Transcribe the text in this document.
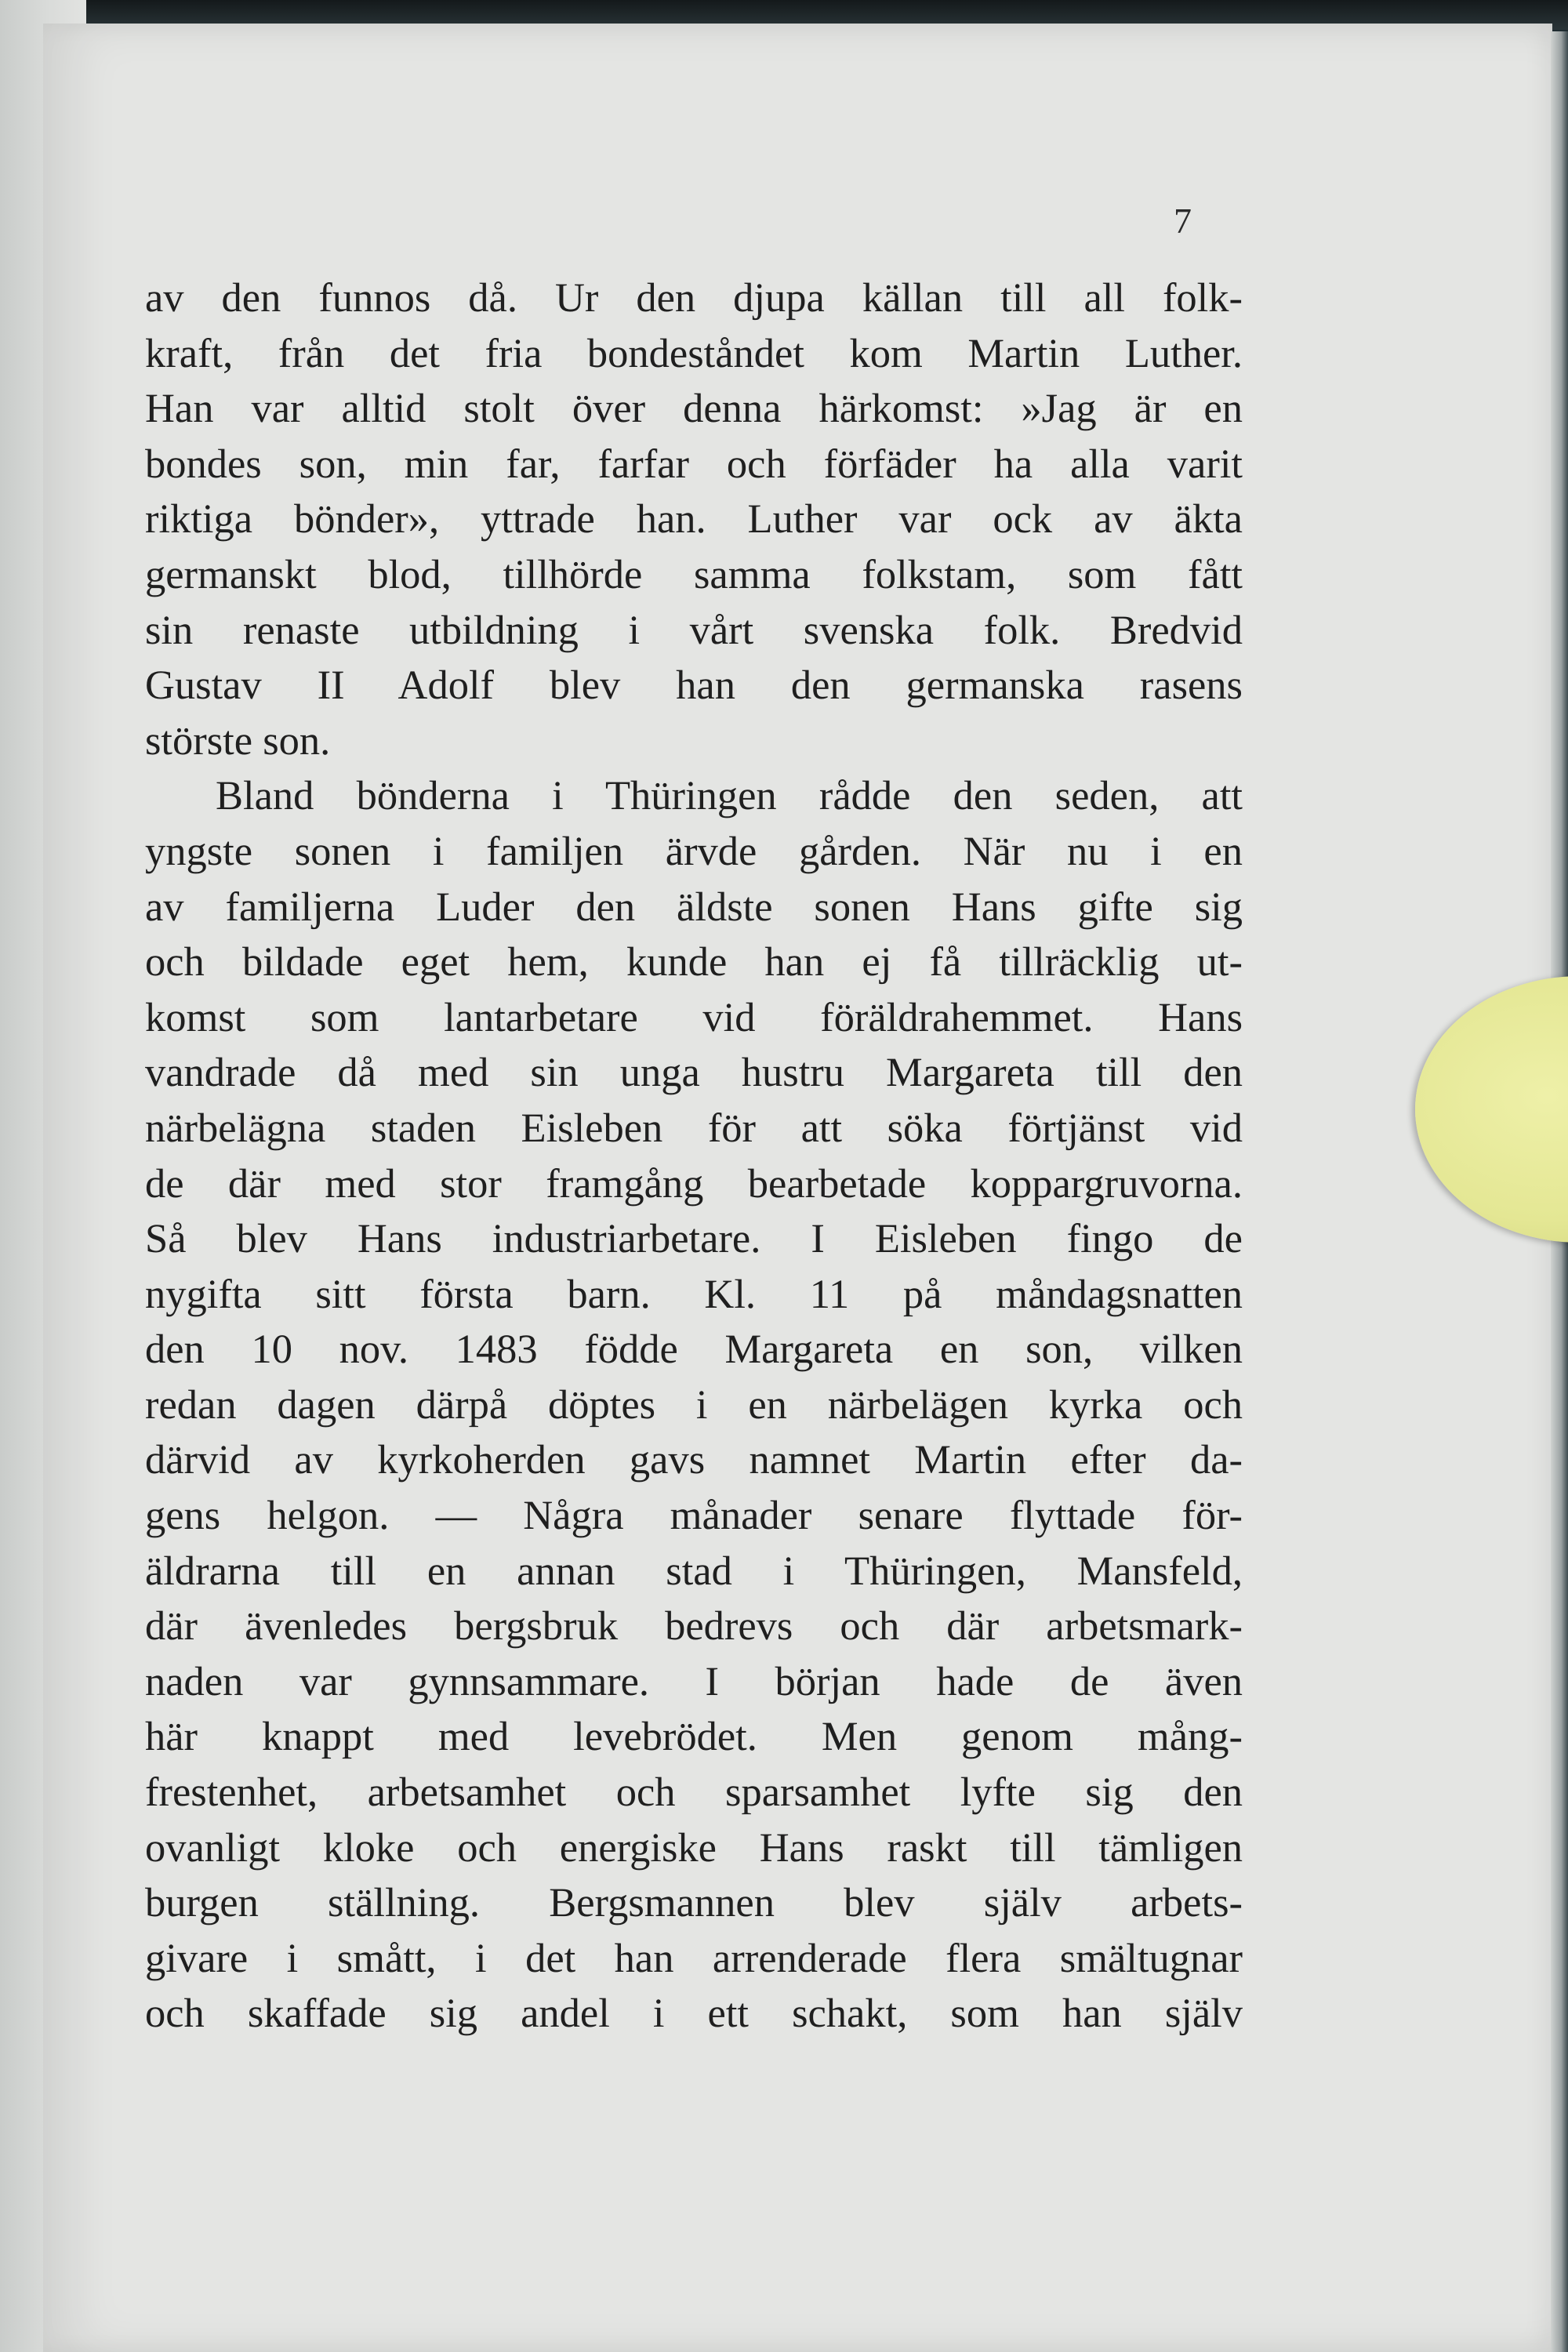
7
av den funnos då. Ur den djupa källan till all folk-
kraft, från det fria bondeståndet kom Martin Luther.
Han var alltid stolt över denna härkomst: »Jag är en
bondes son, min far, farfar och förfäder ha alla varit
riktiga bönder», yttrade han. Luther var ock av äkta
germanskt blod, tillhörde samma folkstam, som fått
sin renaste utbildning i vårt svenska folk. Bredvid
Gustav II Adolf blev han den germanska rasens
störste son.
Bland bönderna i Thüringen rådde den seden, att
yngste sonen i familjen ärvde gården. När nu i en
av familjerna Luder den äldste sonen Hans gifte sig
och bildade eget hem, kunde han ej få tillräcklig ut-
komst som lantarbetare vid föräldrahemmet. Hans
vandrade då med sin unga hustru Margareta till den
närbelägna staden Eisleben för att söka förtjänst vid
de där med stor framgång bearbetade koppargruvorna.
Så blev Hans industriarbetare. I Eisleben fingo de
nygifta sitt första barn. Kl. 11 på måndagsnatten
den 10 nov. 1483 födde Margareta en son, vilken
redan dagen därpå döptes i en närbelägen kyrka och
därvid av kyrkoherden gavs namnet Martin efter da-
gens helgon. — Några månader senare flyttade för-
äldrarna till en annan stad i Thüringen, Mansfeld,
där ävenledes bergsbruk bedrevs och där arbetsmark-
naden var gynnsammare. I början hade de även
här knappt med levebrödet. Men genom mång-
frestenhet, arbetsamhet och sparsamhet lyfte sig den
ovanligt kloke och energiske Hans raskt till tämligen
burgen ställning. Bergsmannen blev själv arbets-
givare i smått, i det han arrenderade flera smältugnar
och skaffade sig andel i ett schakt, som han själv
